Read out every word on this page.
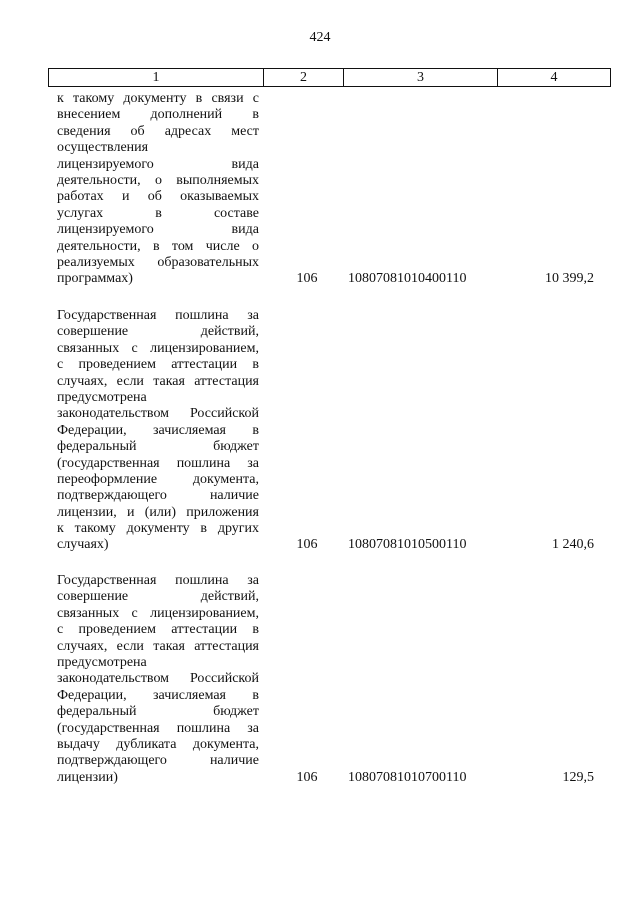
424
1	2	3	4
к такому документу в связи с
внесением дополнений в
сведения об адресах мест
осуществления
лицензируемого вида
деятельности, о выполняемых
работах и об оказываемых
услугах в составе
лицензируемого вида
деятельности, в том числе о
реализуемых образовательных
программах)	106	10807081010400110	10 399,2
Государственная пошлина за
совершение действий,
связанных с лицензированием,
с проведением аттестации в
случаях, если такая аттестация
предусмотрена
законодательством Российской
Федерации, зачисляемая в
федеральный бюджет
(государственная пошлина за
переоформление документа,
подтверждающего наличие
лицензии, и (или) приложения
к такому документу в других
случаях)	106	10807081010500110	1 240,6
Государственная пошлина за
совершение действий,
связанных с лицензированием,
с проведением аттестации в
случаях, если такая аттестация
предусмотрена
законодательством Российской
Федерации, зачисляемая в
федеральный бюджет
(государственная пошлина за
выдачу дубликата документа,
подтверждающего наличие
лицензии)	106	10807081010700110	129,5
